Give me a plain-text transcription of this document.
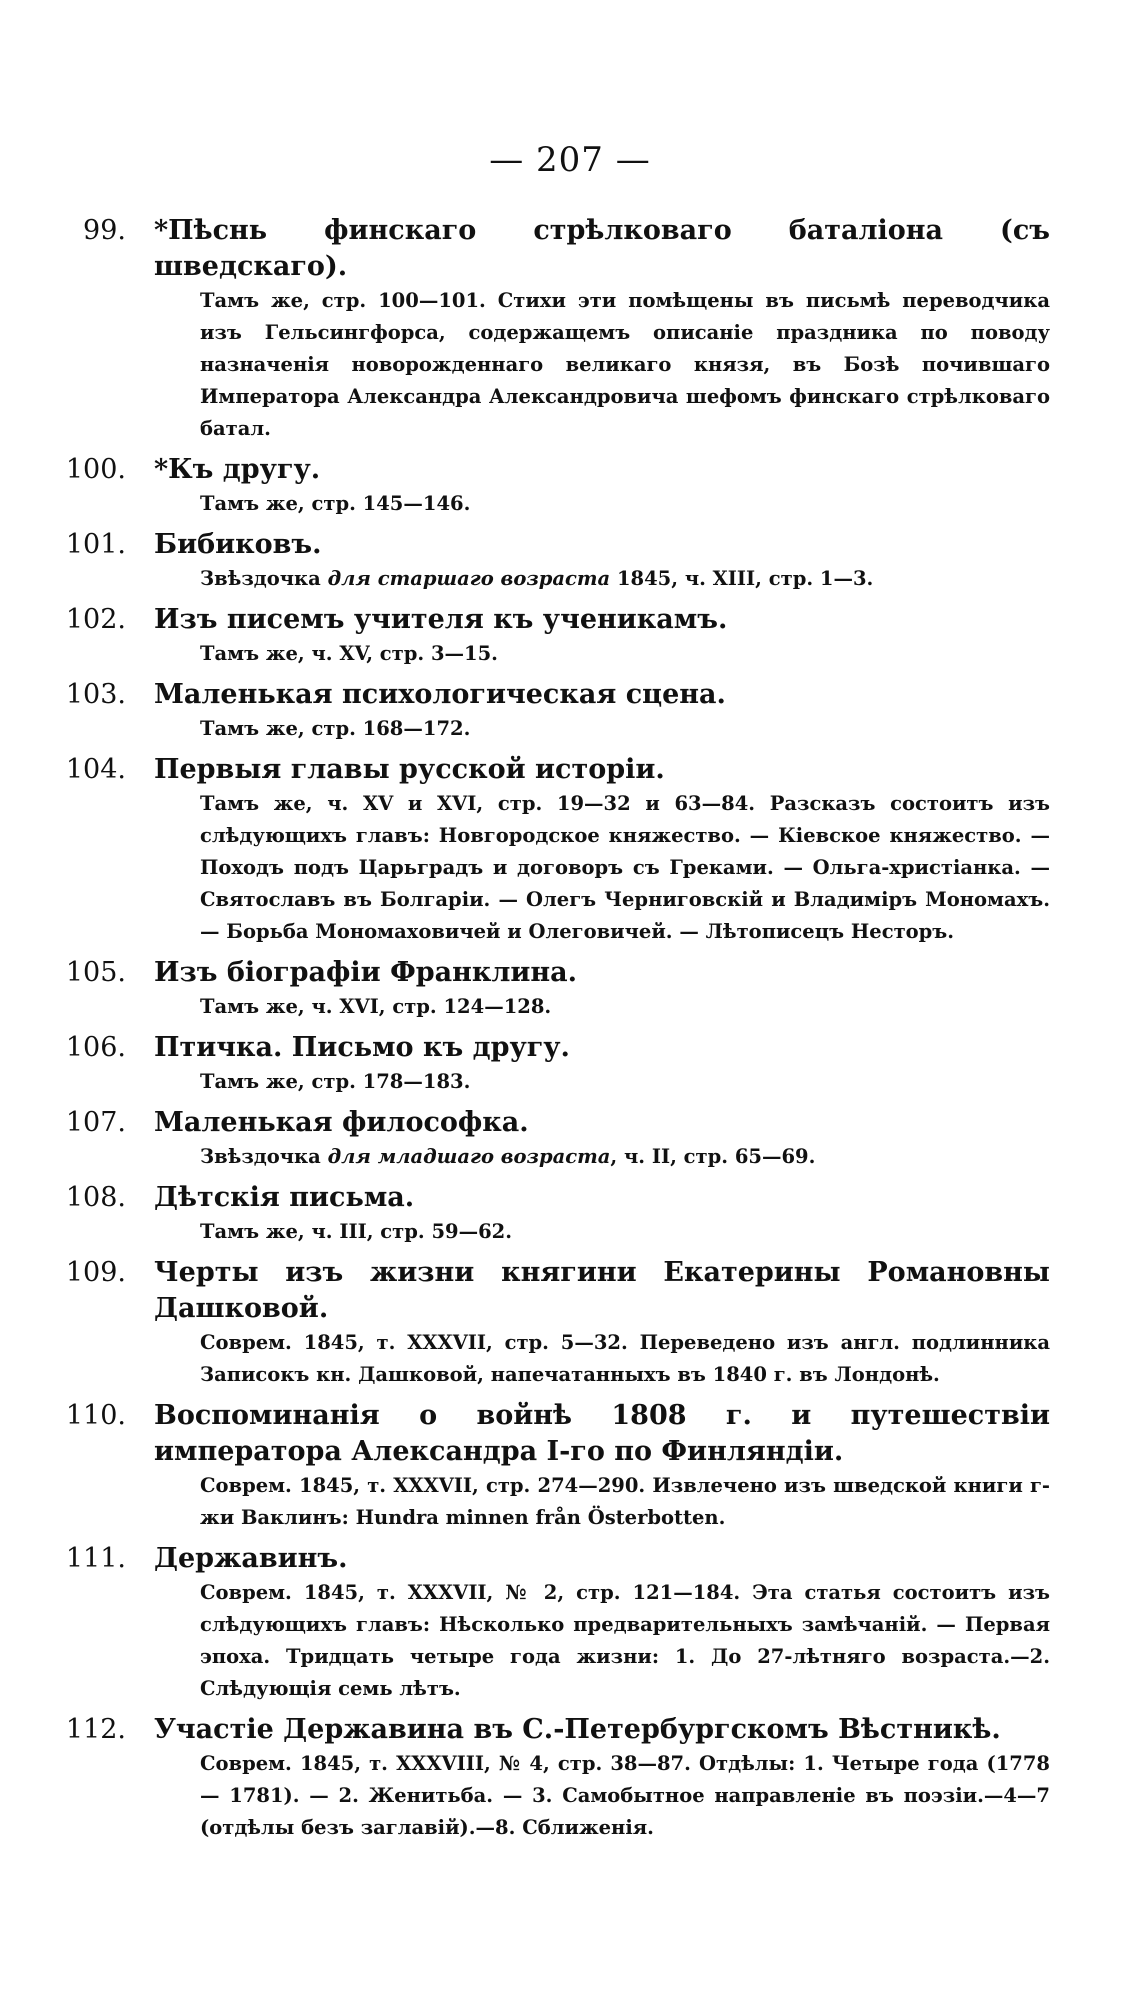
— 207 —
99. *Пѣснь финскаго стрѣлковаго баталіона (съ шведскаго).
Тамъ же, стр. 100—101. Стихи эти помѣщены въ письмѣ переводчика изъ Гельсингфорса, содержащемъ описаніе праздника по поводу назначенія новорожденнаго великаго князя, въ Бозѣ почившаго Императора Александра Александровича шефомъ финскаго стрѣлковаго батал.
100. *Къ другу.
Тамъ же, стр. 145—146.
101. Бибиковъ.
Звѣздочка для старшаго возраста 1845, ч. XIII, стр. 1—3.
102. Изъ писемъ учителя къ ученикамъ.
Тамъ же, ч. XV, стр. 3—15.
103. Маленькая психологическая сцена.
Тамъ же, стр. 168—172.
104. Первыя главы русской исторіи.
Тамъ же, ч. XV и XVI, стр. 19—32 и 63—84. Разсказъ состоитъ изъ слѣдующихъ главъ: Новгородское княжество. — Кіевское княжество. — Походъ подъ Царьградъ и договоръ съ Греками. — Ольга-христіанка. — Святославъ въ Болгаріи. — Олегъ Черниговскій и Владиміръ Мономахъ. — Борьба Мономаховичей и Олеговичей. — Лѣтописецъ Несторъ.
105. Изъ біографіи Франклина.
Тамъ же, ч. XVI, стр. 124—128.
106. Птичка. Письмо къ другу.
Тамъ же, стр. 178—183.
107. Маленькая философка.
Звѣздочка для младшаго возраста, ч. II, стр. 65—69.
108. Дѣтскія письма.
Тамъ же, ч. III, стр. 59—62.
109. Черты изъ жизни княгини Екатерины Романовны Дашковой.
Соврем. 1845, т. XXXVII, стр. 5—32. Переведено изъ англ. подлинника Записокъ кн. Дашковой, напечатанныхъ въ 1840 г. въ Лондонѣ.
110. Воспоминанія о войнѣ 1808 г. и путешествіи императора Александра I-го по Финляндіи.
Соврем. 1845, т. XXXVII, стр. 274—290. Извлечено изъ шведской книги г-жи Ваклинъ: Hundra minnen från Österbotten.
111. Державинъ.
Соврем. 1845, т. XXXVII, № 2, стр. 121—184. Эта статья состоитъ изъ слѣдующихъ главъ: Нѣсколько предварительныхъ замѣчаній. — Первая эпоха. Тридцать четыре года жизни: 1. До 27-лѣтняго возраста.—2. Слѣдующія семь лѣтъ.
112. Участіе Державина въ С.-Петербургскомъ Вѣстникѣ.
Соврем. 1845, т. XXXVIII, № 4, стр. 38—87. Отдѣлы: 1. Четыре года (1778 — 1781). — 2. Женитьба. — 3. Самобытное направленіе въ поэзіи.—4—7 (отдѣлы безъ заглавій).—8. Сближенія.
